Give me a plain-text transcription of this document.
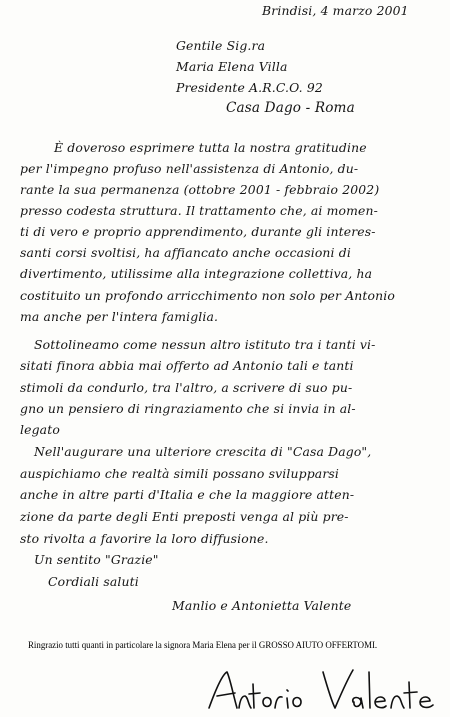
Brindisi, 4 marzo 2001
Gentile Sig.ra
Maria Elena Villa
Presidente A.R.C.O. 92
Casa Dago - Roma
È doveroso esprimere tutta la nostra gratitudine
per l'impegno profuso nell'assistenza di Antonio, du-
rante la sua permanenza (ottobre 2001 - febbraio 2002)
presso codesta struttura. Il trattamento che, ai momen-
ti di vero e proprio apprendimento, durante gli interes-
santi corsi svoltisi, ha affiancato anche occasioni di
divertimento, utilissime alla integrazione collettiva, ha
costituito un profondo arricchimento non solo per Antonio
ma anche per l'intera famiglia.
Sottolineamo come nessun altro istituto tra i tanti vi-
sitati finora abbia mai offerto ad Antonio tali e tanti
stimoli da condurlo, tra l'altro, a scrivere di suo pu-
gno un pensiero di ringraziamento che si invia in al-
legato
Nell'augurare una ulteriore crescita di "Casa Dago",
auspichiamo che realtà simili possano svilupparsi
anche in altre parti d'Italia e che la maggiore atten-
zione da parte degli Enti preposti venga al più pre-
sto rivolta a favorire la loro diffusione.
Un sentito "Grazie"
Cordiali saluti
Manlio e Antonietta Valente
Ringrazio tutti quanti in particolare la signora Maria Elena per il GROSSO AIUTO OFFERTOMI.
